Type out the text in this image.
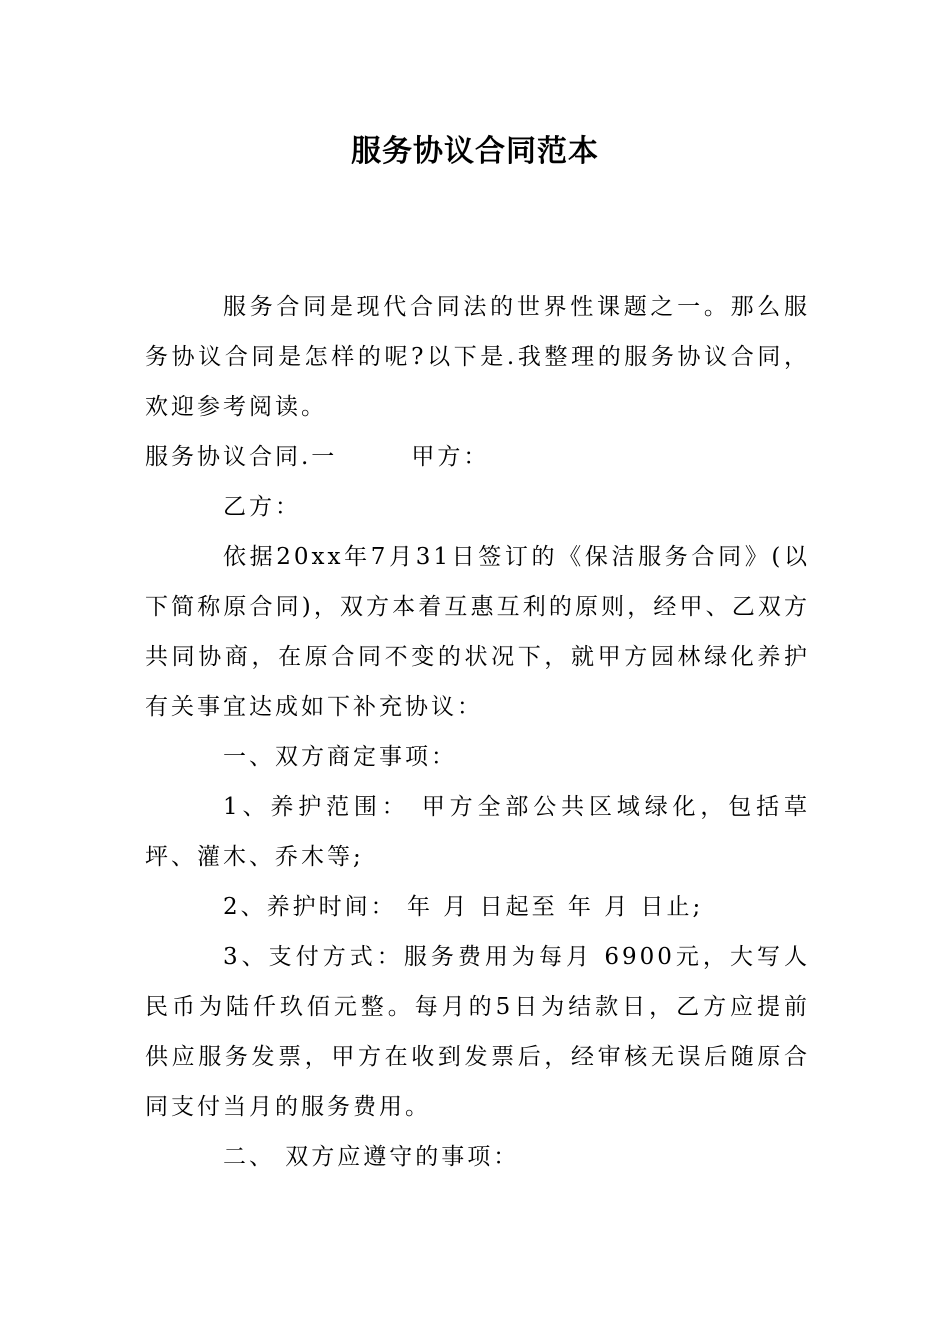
服务协议合同范本

服务合同是现代合同法的世界性课题之一。那么服务协议合同是怎样的呢?以下是.我整理的服务协议合同，欢迎参考阅读。

服务协议合同.一	甲方：

乙方：

依据20xx年7月31日签订的《保洁服务合同》(以下简称原合同)，双方本着互惠互利的原则，经甲、乙双方共同协商，在原合同不变的状况下，就甲方园林绿化养护有关事宜达成如下补充协议：

一、双方商定事项：

1、养护范围： 甲方全部公共区域绿化，包括草坪、灌木、乔木等;

2、养护时间： 年 月 日起至 年 月 日止;

3、支付方式：服务费用为每月 6900元，大写人民币为陆仟玖佰元整。每月的5日为结款日，乙方应提前供应服务发票，甲方在收到发票后，经审核无误后随原合同支付当月的服务费用。

二、 双方应遵守的事项：
